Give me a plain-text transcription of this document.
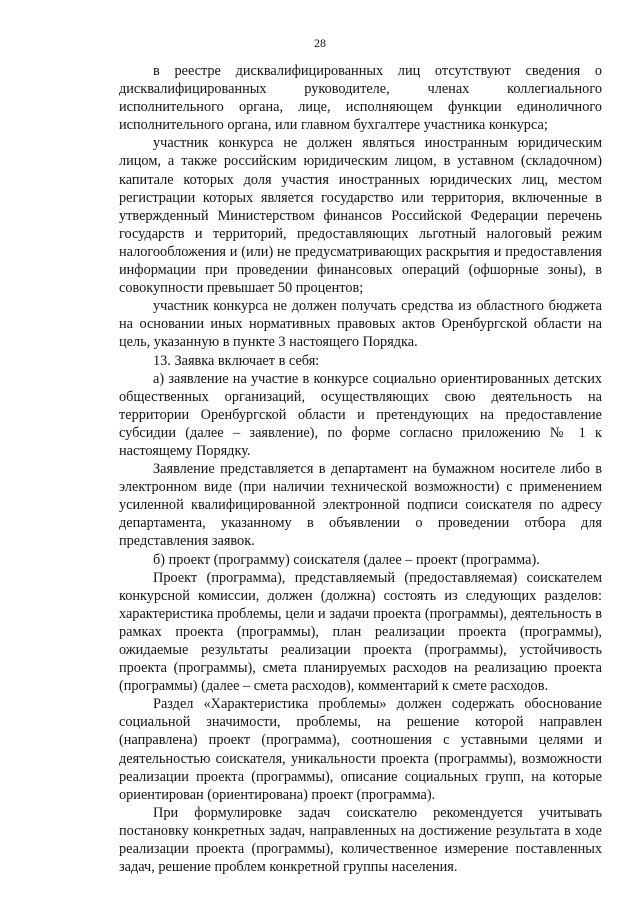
28

в реестре дисквалифицированных лиц отсутствуют сведения о дисквалифицированных руководителе, членах коллегиального исполнительного органа, лице, исполняющем функции единоличного исполнительного органа, или главном бухгалтере участника конкурса;

участник конкурса не должен являться иностранным юридическим лицом, а также российским юридическим лицом, в уставном (складочном) капитале которых доля участия иностранных юридических лиц, местом регистрации которых является государство или территория, включенные в утвержденный Министерством финансов Российской Федерации перечень государств и территорий, предоставляющих льготный налоговый режим налогообложения и (или) не предусматривающих раскрытия и предоставления информации при проведении финансовых операций (офшорные зоны), в совокупности превышает 50 процентов;

участник конкурса не должен получать средства из областного бюджета на основании иных нормативных правовых актов Оренбургской области на цель, указанную в пункте 3 настоящего Порядка.

13. Заявка включает в себя:

а) заявление на участие в конкурсе социально ориентированных детских общественных организаций, осуществляющих свою деятельность на территории Оренбургской области и претендующих на предоставление субсидии (далее – заявление), по форме согласно приложению № 1 к настоящему Порядку.

Заявление представляется в департамент на бумажном носителе либо в электронном виде (при наличии технической возможности) с применением усиленной квалифицированной электронной подписи соискателя по адресу департамента, указанному в объявлении о проведении отбора для представления заявок.

б) проект (программу) соискателя (далее – проект (программа).

Проект (программа), представляемый (предоставляемая) соискателем конкурсной комиссии, должен (должна) состоять из следующих разделов: характеристика проблемы, цели и задачи проекта (программы), деятельность в рамках проекта (программы), план реализации проекта (программы), ожидаемые результаты реализации проекта (программы), устойчивость проекта (программы), смета планируемых расходов на реализацию проекта (программы) (далее – смета расходов), комментарий к смете расходов.

Раздел «Характеристика проблемы» должен содержать обоснование социальной значимости, проблемы, на решение которой направлен (направлена) проект (программа), соотношения с уставными целями и деятельностью соискателя, уникальности проекта (программы), возможности реализации проекта (программы), описание социальных групп, на которые ориентирован (ориентирована) проект (программа).

При формулировке задач соискателю рекомендуется учитывать постановку конкретных задач, направленных на достижение результата в ходе реализации проекта (программы), количественное измерение поставленных задач, решение проблем конкретной группы населения.
